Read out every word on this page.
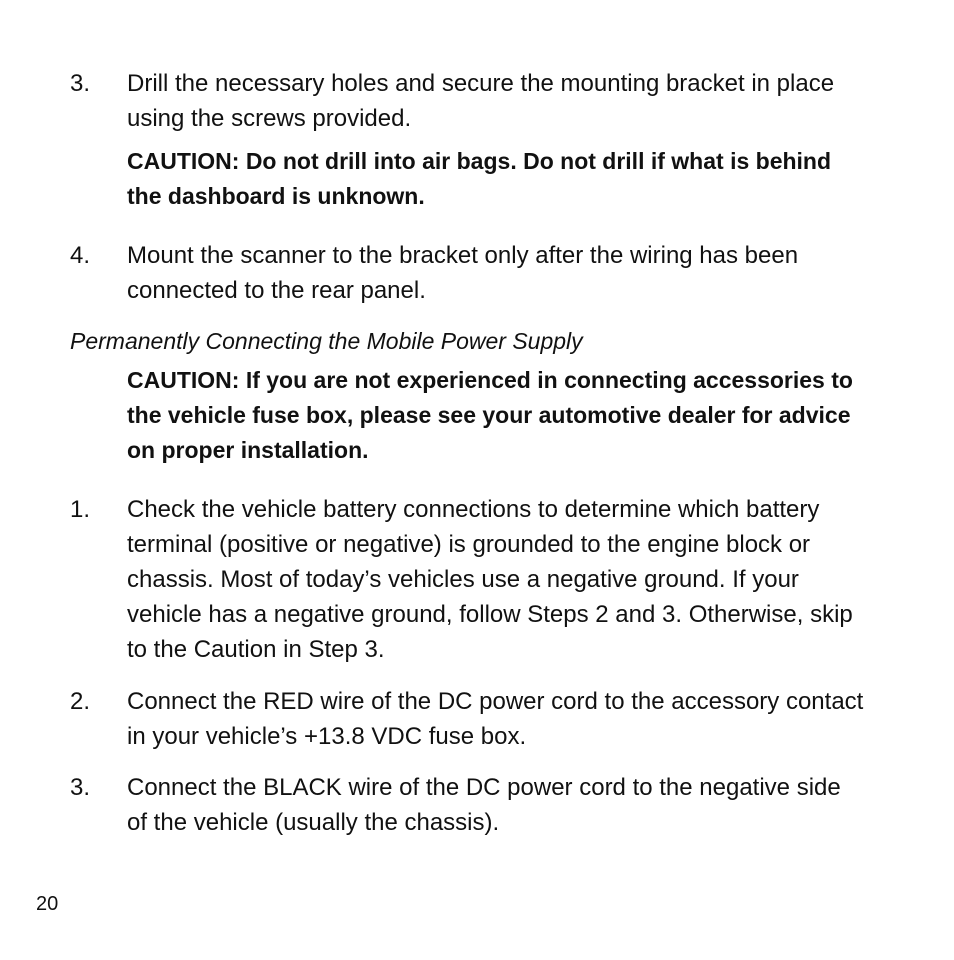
3.	Drill the necessary holes and secure the mounting bracket in place using the screws provided.
CAUTION: Do not drill into air bags. Do not drill if what is behind the dashboard is unknown.
4.	Mount the scanner to the bracket only after the wiring has been connected to the rear panel.
Permanently Connecting the Mobile Power Supply
CAUTION: If you are not experienced in connecting accessories to the vehicle fuse box, please see your automotive dealer for advice on proper installation.
1.	Check the vehicle battery connections to determine which battery terminal (positive or negative) is grounded to the engine block or chassis. Most of today’s vehicles use a negative ground. If your vehicle has a negative ground, follow Steps 2 and 3. Otherwise, skip to the Caution in Step 3.
2.	Connect the RED wire of the DC power cord to the accessory contact in your vehicle’s +13.8 VDC fuse box.
3.	Connect the BLACK wire of the DC power cord to the negative side of the vehicle (usually the chassis).
20
